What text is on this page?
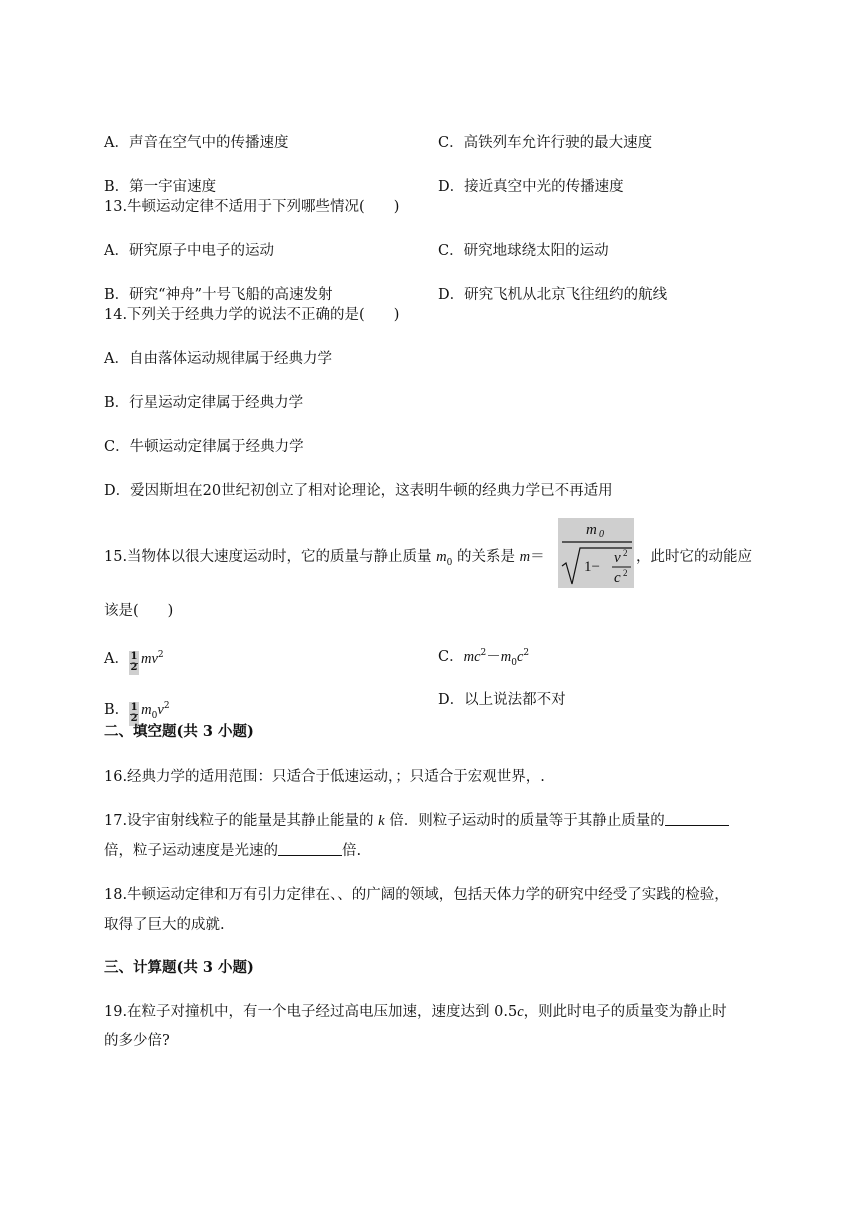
A．声音在空气中的传播速度	C．高铁列车允许行驶的最大速度
B．第一宇宙速度	D．接近真空中光的传播速度
13.牛顿运动定律不适用于下列哪些情况(　　)
A．研究原子中电子的运动	C．研究地球绕太阳的运动
B．研究“神舟”十号飞船的高速发射	D．研究飞机从北京飞往纽约的航线
14.下列关于经典力学的说法不正确的是(　　)
A．自由落体运动规律属于经典力学
B．行星运动定律属于经典力学
C．牛顿运动定律属于经典力学
D．爱因斯坦在20世纪初创立了相对论理论，这表明牛顿的经典力学已不再适用
15.当物体以很大速度运动时，它的质量与静止质量 $m_0$ 的关系是 m＝
m 0
1−
v 2
c 2
，此时它的动能应
该是(　　)
A． $\frac{1}{2} mv^2$	C．$mc^2-m_0c^2$
B． $\frac{1}{2} m_0v^2$	D．以上说法都不对
二、填空题(共 3 小题)
16.经典力学的适用范围：只适合于低速运动，；只适合于宏观世界，.
17.设宇宙射线粒子的能量是其静止能量的 k 倍．则粒子运动时的质量等于其静止质量的
倍，粒子运动速度是光速的	倍.
18.牛顿运动定律和万有引力定律在、、的广阔的领域，包括天体力学的研究中经受了实践的检验，
取得了巨大的成就.
三、计算题(共 3 小题)
19.在粒子对撞机中，有一个电子经过高电压加速，速度达到 0.5c，则此时电子的质量变为静止时
的多少倍?
